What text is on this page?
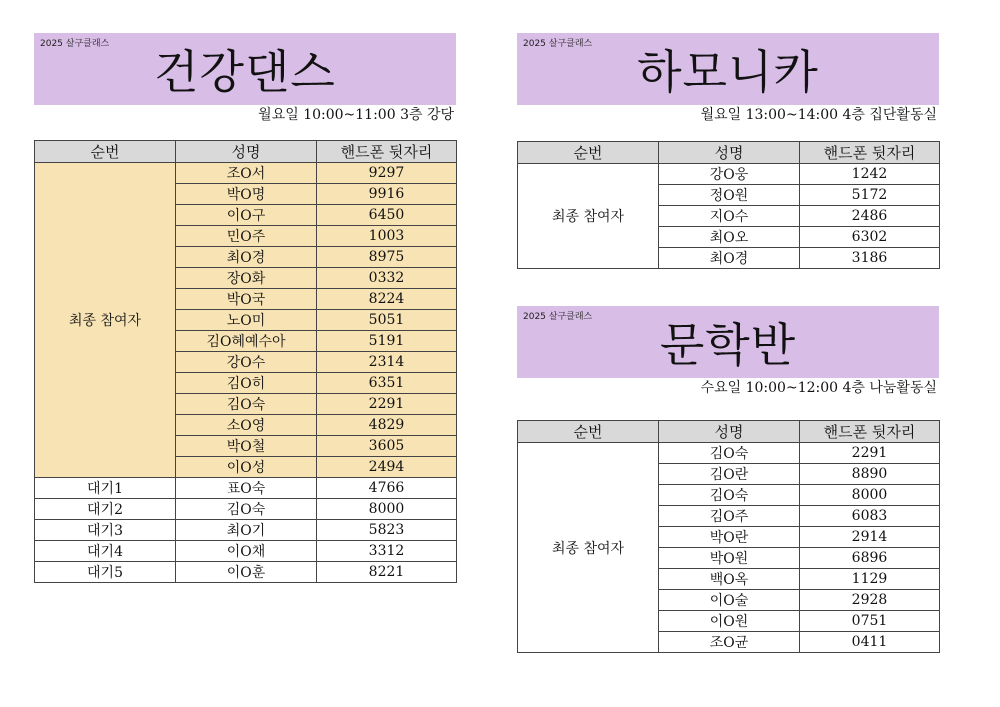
2025 살구클래스
건강댄스
월요일 10:00~11:00 3층 강당
순번	성명	핸드폰 뒷자리
최종 참여자	조O서	9297
	박O명	9916
	이O구	6450
	민O주	1003
	최O경	8975
	장O화	0332
	박O국	8224
	노O미	5051
	김O혜예수아	5191
	강O수	2314
	김O히	6351
	김O숙	2291
	소O영	4829
	박O철	3605
	이O성	2494
대기1	표O숙	4766
대기2	김O숙	8000
대기3	최O기	5823
대기4	이O채	3312
대기5	이O훈	8221
2025 살구클래스
하모니카
월요일 13:00~14:00 4층 집단활동실
순번	성명	핸드폰 뒷자리
최종 참여자	강O웅	1242
	정O원	5172
	지O수	2486
	최O오	6302
	최O경	3186
2025 살구클래스
문학반
수요일 10:00~12:00 4층 나눔활동실
순번	성명	핸드폰 뒷자리
최종 참여자	김O숙	2291
	김O란	8890
	김O숙	8000
	김O주	6083
	박O란	2914
	박O원	6896
	백O옥	1129
	이O술	2928
	이O원	0751
	조O균	0411
